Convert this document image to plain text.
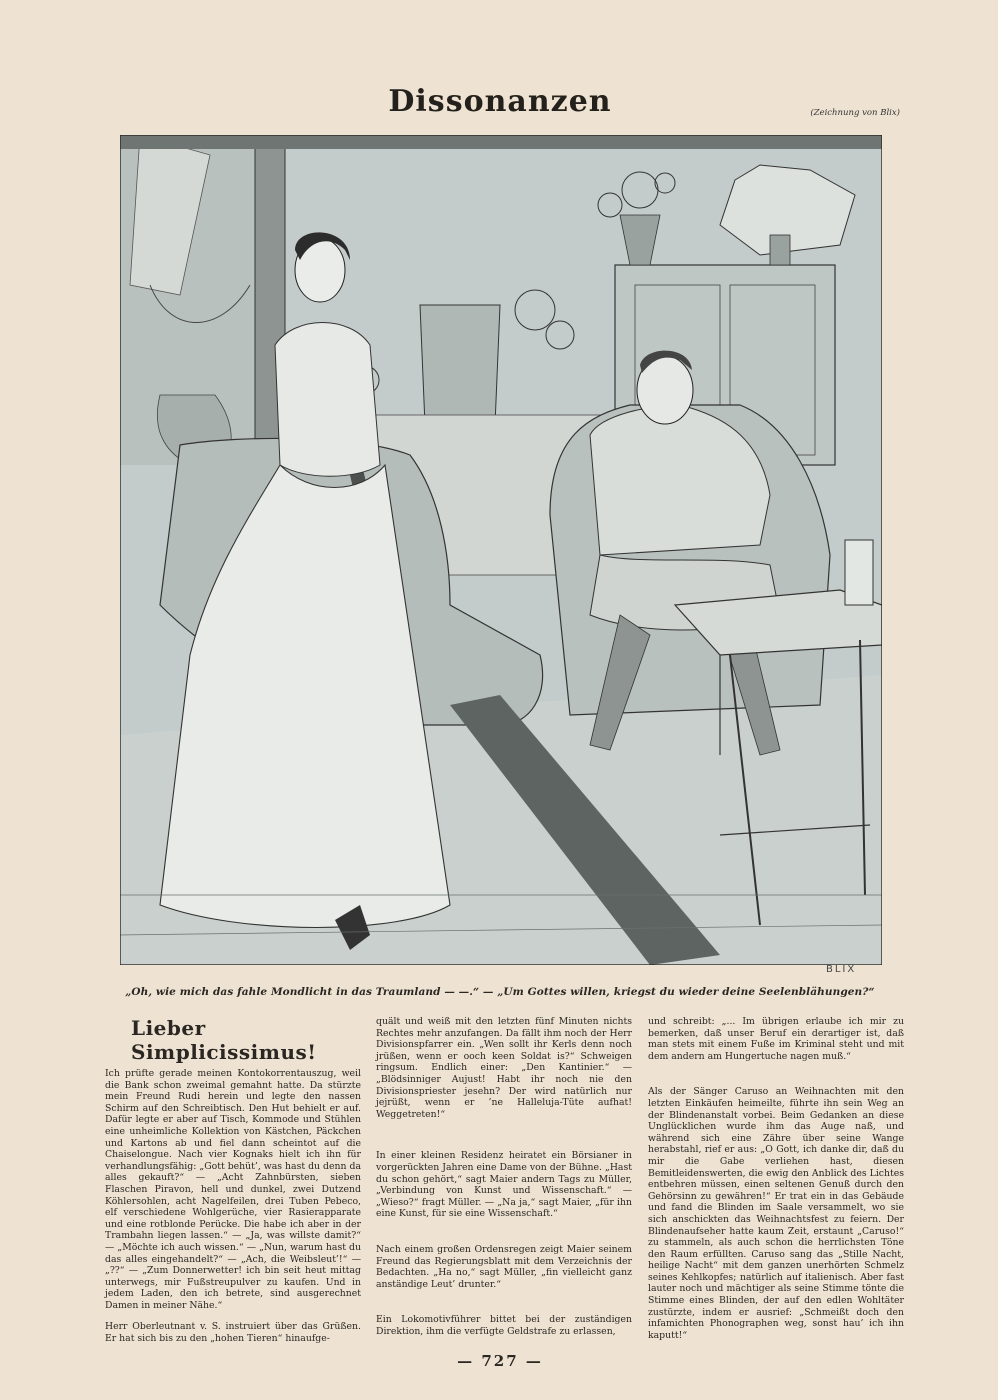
Dissonanzen	(Zeichnung von Blix)
BLIX
„Oh, wie mich das fahle Mondlicht in das Traumland — —.“ — „Um Gottes willen, kriegst du wieder deine Seelenblähungen?“
Lieber Simplicissimus!

Ich prüfte gerade meinen Kontokorrentauszug, weil die Bank schon zweimal gemahnt hatte. Da stürzte mein Freund Rudi herein und legte den nassen Schirm auf den Schreibtisch. Den Hut behielt er auf. Dafür legte er aber auf Tisch, Kommode und Stühlen eine unheimliche Kollektion von Kästchen, Päckchen und Kartons ab und fiel dann scheintot auf die Chaiselongue. Nach vier Kognaks hielt ich ihn für verhandlungsfähig: „Gott behüt’, was hast du denn da alles gekauft?“ — „Acht Zahnbürsten, sieben Flaschen Piravon, hell und dunkel, zwei Dutzend Köhlersohlen, acht Nagelfeilen, drei Tuben Pebeco, elf verschiedene Wohlgerüche, vier Rasierapparate und eine rotblonde Perücke. Die habe ich aber in der Trambahn liegen lassen.“ — „Ja, was willste damit?“ — „Möchte ich auch wissen.“ — „Nun, warum hast du das alles eingehandelt?“ — „Ach, die Weibsleut’!“ — „??“ — „Zum Donnerwetter! ich bin seit heut mittag unterwegs, mir Fußstreupulver zu kaufen. Und in jedem Laden, den ich betrete, sind ausgerechnet Damen in meiner Nähe.“

Herr Oberleutnant v. S. instruiert über das Grüßen. Er hat sich bis zu den „hohen Tieren“ hinaufge-

quält und weiß mit den letzten fünf Minuten nichts Rechtes mehr anzufangen. Da fällt ihm noch der Herr Divisionspfarrer ein. „Wen sollt ihr Kerls denn noch jrüßen, wenn er ooch keen Soldat is?“ Schweigen ringsum. Endlich einer: „Den Kantinier.“ — „Blödsinniger Aujust! Habt ihr noch nie den Divisionspriester jesehn? Der wird natürlich nur jejrüßt, wenn er ’ne Halleluja-Tüte aufhat! Weggetreten!“

In einer kleinen Residenz heiratet ein Börsianer in vorgerückten Jahren eine Dame von der Bühne. „Hast du schon gehört,“ sagt Maier andern Tags zu Müller, „Verbindung von Kunst und Wissenschaft.“ — „Wieso?“ fragt Müller. — „Na ja,“ sagt Maier, „für ihn eine Kunst, für sie eine Wissenschaft.“

Nach einem großen Ordensregen zeigt Maier seinem Freund das Regierungsblatt mit dem Verzeichnis der Bedachten. „Ha no,“ sagt Müller, „fin vielleicht ganz anständige Leut’ drunter.“

Ein Lokomotivführer bittet bei der zuständigen Direktion, ihm die verfügte Geldstrafe zu erlassen,

und schreibt: „... Im übrigen erlaube ich mir zu bemerken, daß unser Beruf ein derartiger ist, daß man stets mit einem Fuße im Kriminal steht und mit dem andern am Hungertuche nagen muß.“

Als der Sänger Caruso an Weihnachten mit den letzten Einkäufen heimeilte, führte ihn sein Weg an der Blindenanstalt vorbei. Beim Gedanken an diese Unglücklichen wurde ihm das Auge naß, und während sich eine Zähre über seine Wange herabstahl, rief er aus: „O Gott, ich danke dir, daß du mir die Gabe verliehen hast, diesen Bemitleidenswerten, die ewig den Anblick des Lichtes entbehren müssen, einen seltenen Genuß durch den Gehörsinn zu gewähren!“ Er trat ein in das Gebäude und fand die Blinden im Saale versammelt, wo sie sich anschickten das Weihnachtsfest zu feiern. Der Blindenaufseher hatte kaum Zeit, erstaunt „Caruso!“ zu stammeln, als auch schon die herrlichsten Töne den Raum erfüllten. Caruso sang das „Stille Nacht, heilige Nacht“ mit dem ganzen unerhörten Schmelz seines Kehlkopfes; natürlich auf italienisch. Aber fast lauter noch und mächtiger als seine Stimme tönte die Stimme eines Blinden, der auf den edlen Wohltäter zustürzte, indem er ausrief: „Schmeißt doch den infamichten Phonographen weg, sonst hau’ ich ihn kaputt!“

— 727 —
